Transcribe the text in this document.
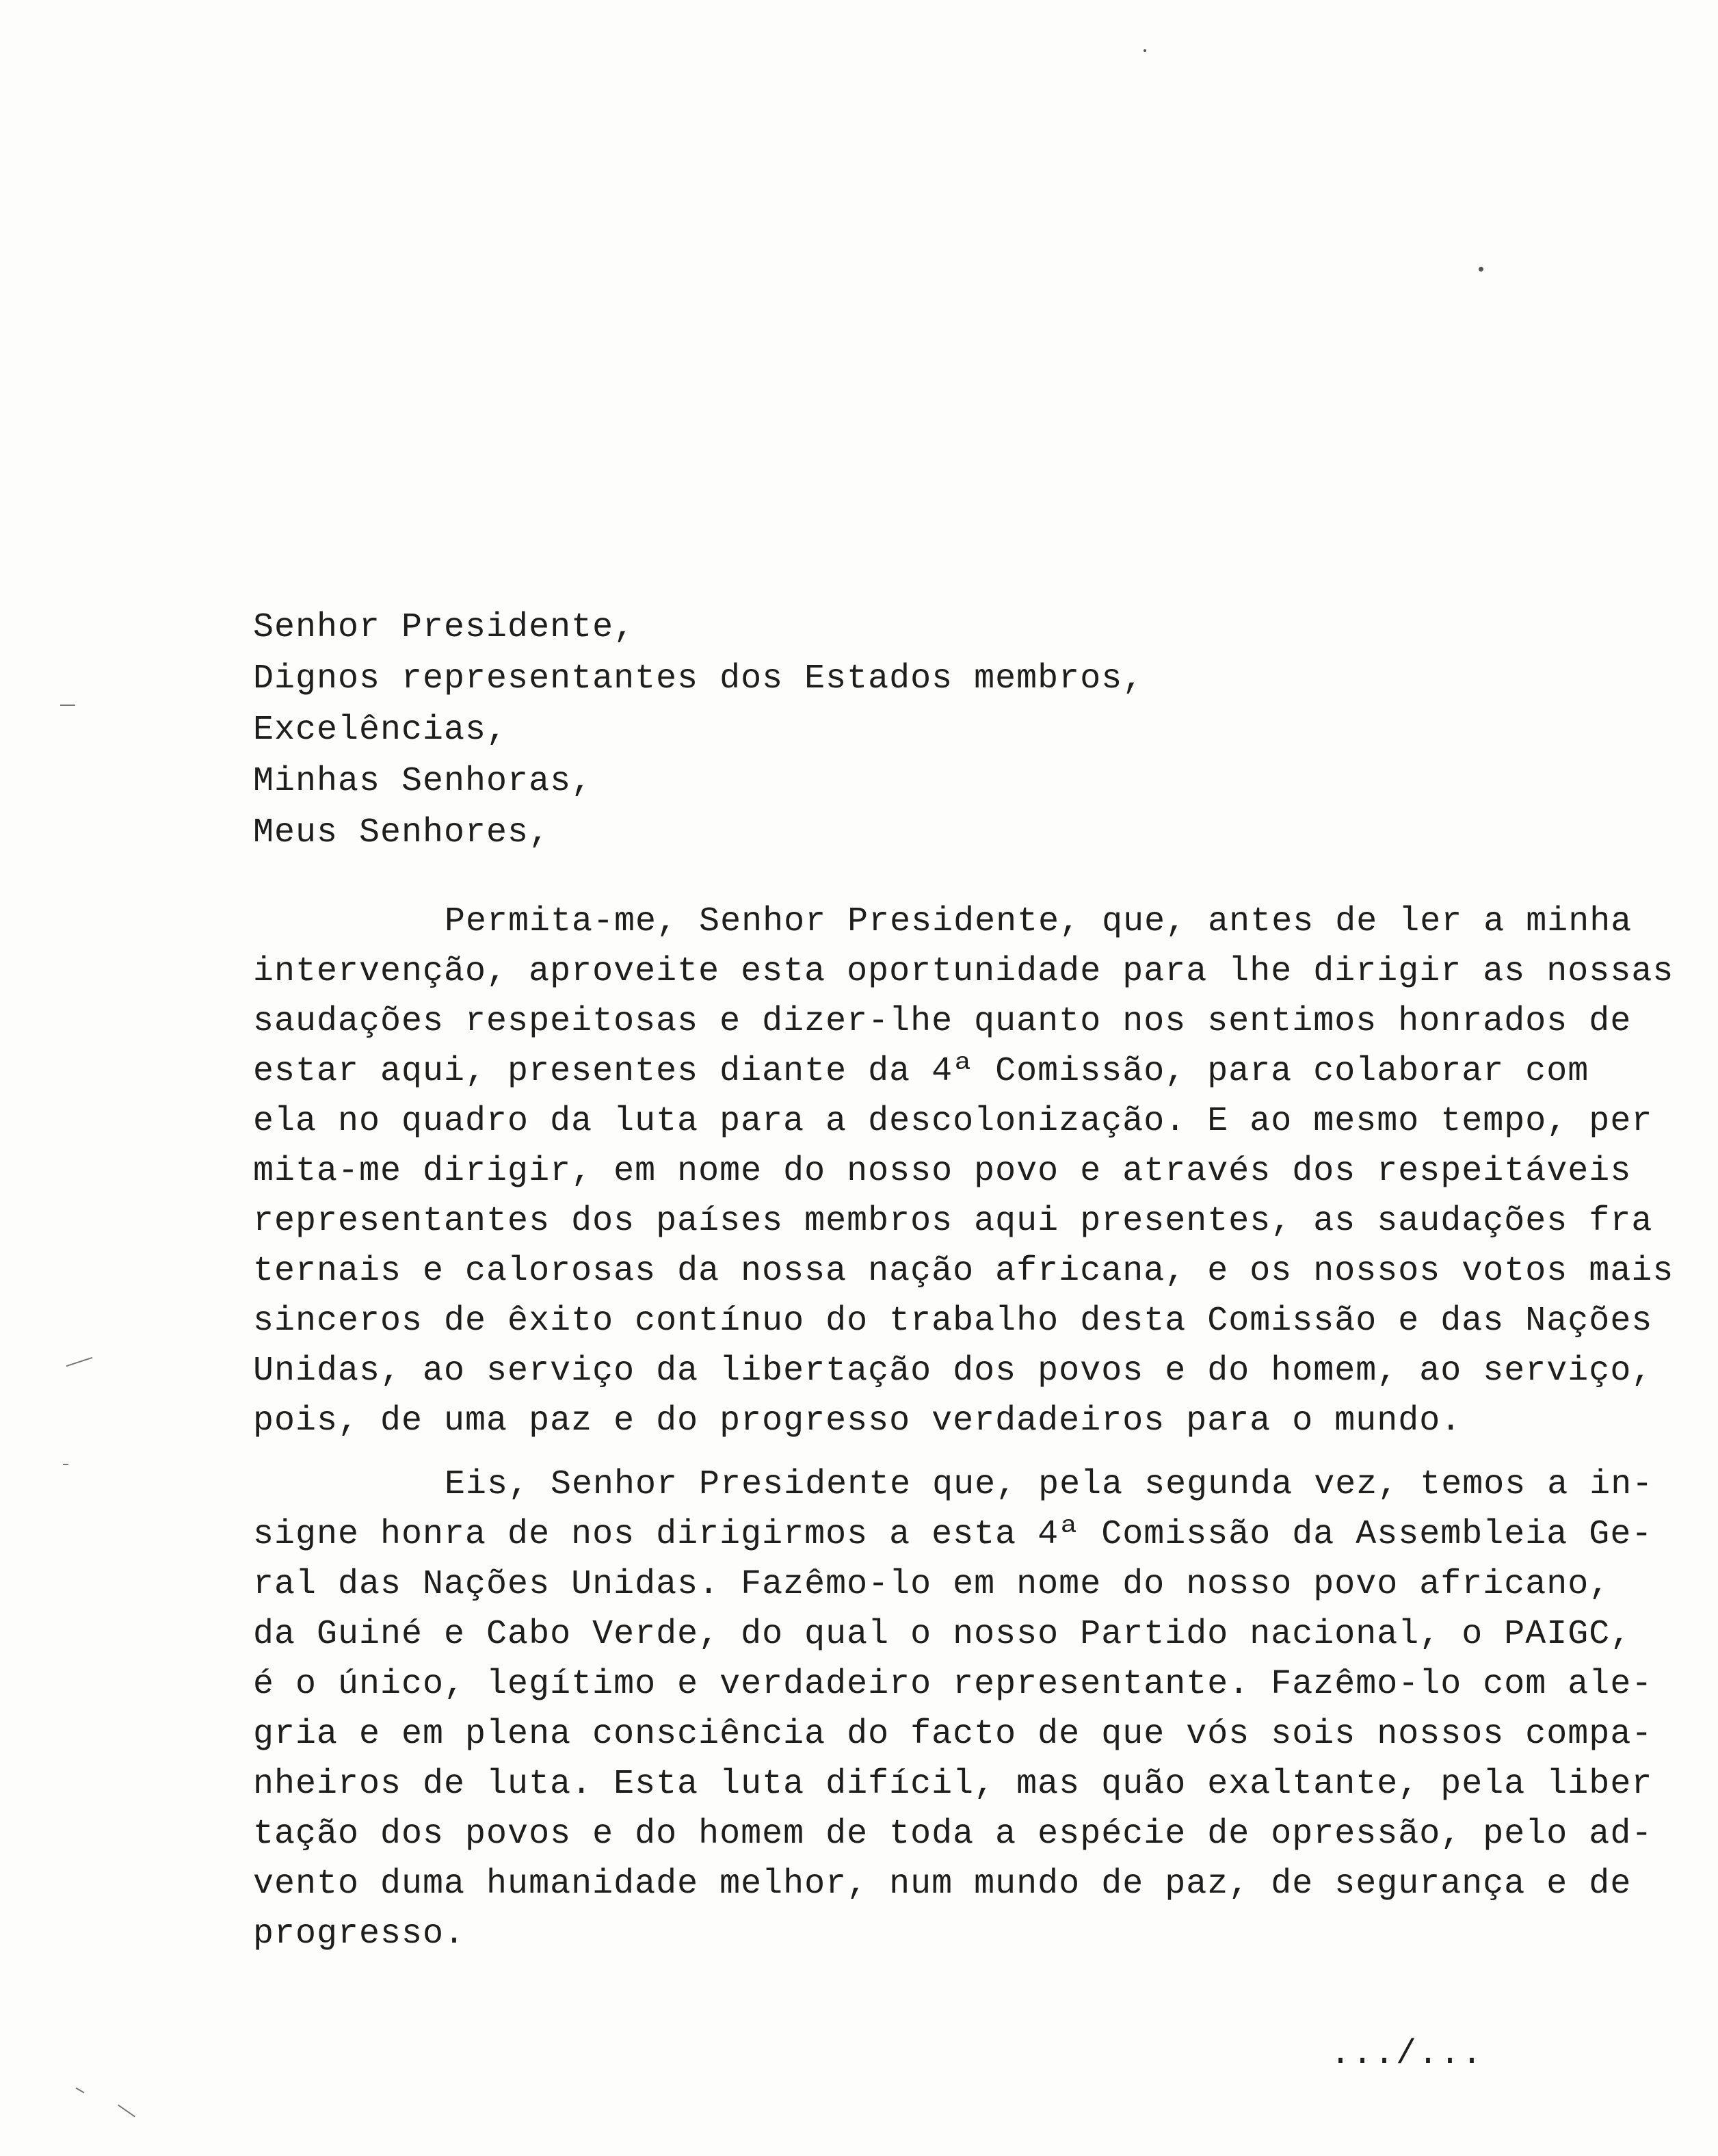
Senhor Presidente,
Dignos representantes dos Estados membros,
Excelências,
Minhas Senhoras,
Meus Senhores,
Permita-me, Senhor Presidente, que, antes de ler a minha
intervenção, aproveite esta oportunidade para lhe dirigir as nossas
saudações respeitosas e dizer-lhe quanto nos sentimos honrados de
estar aqui, presentes diante da 4ª Comissão, para colaborar com
ela no quadro da luta para a descolonização. E ao mesmo tempo, per
mita-me dirigir, em nome do nosso povo e através dos respeitáveis
representantes dos países membros aqui presentes, as saudações fra
ternais e calorosas da nossa nação africana, e os nossos votos mais
sinceros de êxito contínuo do trabalho desta Comissão e das Nações
Unidas, ao serviço da libertação dos povos e do homem, ao serviço,
pois, de uma paz e do progresso verdadeiros para o mundo.
Eis, Senhor Presidente que, pela segunda vez, temos a in-
signe honra de nos dirigirmos a esta 4ª Comissão da Assembleia Ge-
ral das Nações Unidas. Fazêmo-lo em nome do nosso povo africano,
da Guiné e Cabo Verde, do qual o nosso Partido nacional, o PAIGC,
é o único, legítimo e verdadeiro representante. Fazêmo-lo com ale-
gria e em plena consciência do facto de que vós sois nossos compa-
nheiros de luta. Esta luta difícil, mas quão exaltante, pela liber
tação dos povos e do homem de toda a espécie de opressão, pelo ad-
vento duma humanidade melhor, num mundo de paz, de segurança e de
progresso.
.../...
